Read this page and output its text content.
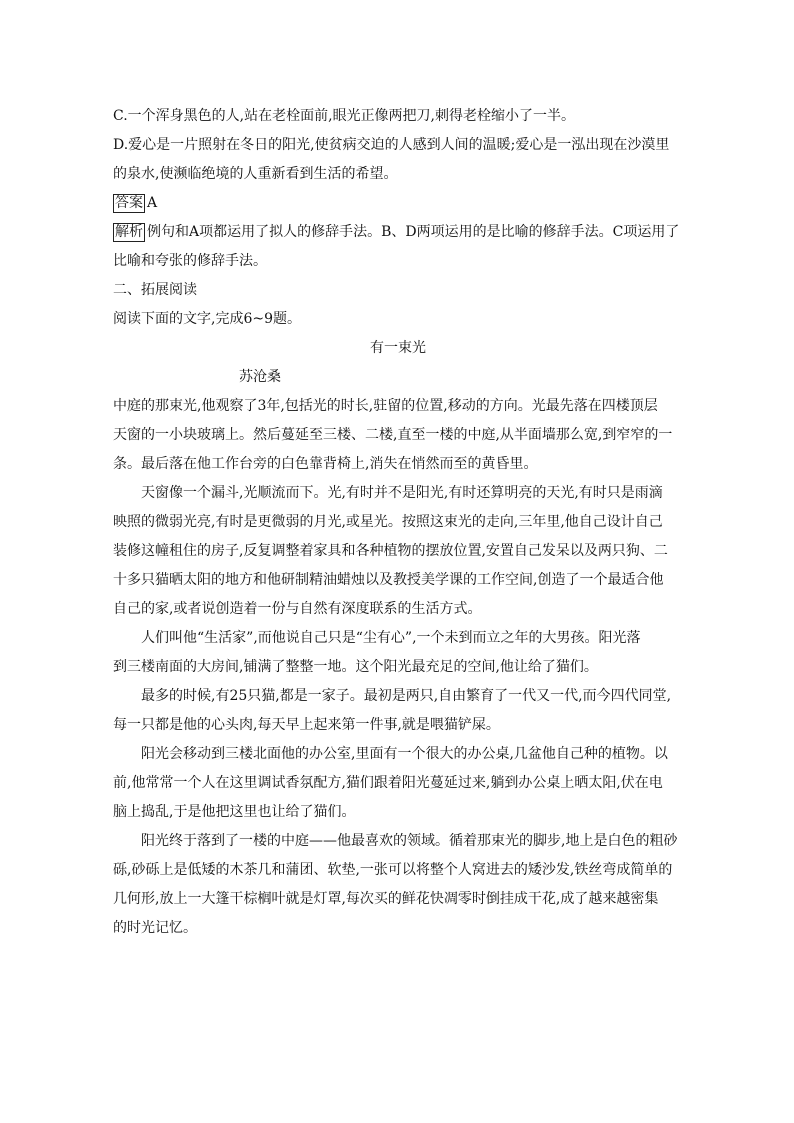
C.一个浑身黑色的人,站在老栓面前,眼光正像两把刀,刺得老栓缩小了一半。
D.爱心是一片照射在冬日的阳光,使贫病交迫的人感到人间的温暖;爱心是一泓出现在沙漠里
的泉水,使濒临绝境的人重新看到生活的希望。
答案 A
解析 例句和A项都运用了拟人的修辞手法。B、D两项运用的是比喻的修辞手法。C项运用了
比喻和夸张的修辞手法。
二、拓展阅读
阅读下面的文字,完成6~9题。
有一束光
苏沧桑
中庭的那束光,他观察了3年,包括光的时长,驻留的位置,移动的方向。光最先落在四楼顶层
天窗的一小块玻璃上。然后蔓延至三楼、二楼,直至一楼的中庭,从半面墙那么宽,到窄窄的一
条。最后落在他工作台旁的白色靠背椅上,消失在悄然而至的黄昏里。
天窗像一个漏斗,光顺流而下。光,有时并不是阳光,有时还算明亮的天光,有时只是雨滴
映照的微弱光亮,有时是更微弱的月光,或星光。按照这束光的走向,三年里,他自己设计自己
装修这幢租住的房子,反复调整着家具和各种植物的摆放位置,安置自己发呆以及两只狗、二
十多只猫晒太阳的地方和他研制精油蜡烛以及教授美学课的工作空间,创造了一个最适合他
自己的家,或者说创造着一份与自然有深度联系的生活方式。
人们叫他“生活家”,而他说自己只是“尘有心”,一个未到而立之年的大男孩。阳光落
到三楼南面的大房间,铺满了整整一地。这个阳光最充足的空间,他让给了猫们。
最多的时候,有25只猫,都是一家子。最初是两只,自由繁育了一代又一代,而今四代同堂,
每一只都是他的心头肉,每天早上起来第一件事,就是喂猫铲屎。
阳光会移动到三楼北面他的办公室,里面有一个很大的办公桌,几盆他自己种的植物。以
前,他常常一个人在这里调试香氛配方,猫们跟着阳光蔓延过来,躺到办公桌上晒太阳,伏在电
脑上捣乱,于是他把这里也让给了猫们。
阳光终于落到了一楼的中庭——他最喜欢的领域。循着那束光的脚步,地上是白色的粗砂
砾,砂砾上是低矮的木茶几和蒲团、软垫,一张可以将整个人窝进去的矮沙发,铁丝弯成简单的
几何形,放上一大篷干棕榈叶就是灯罩,每次买的鲜花快凋零时倒挂成干花,成了越来越密集
的时光记忆。
